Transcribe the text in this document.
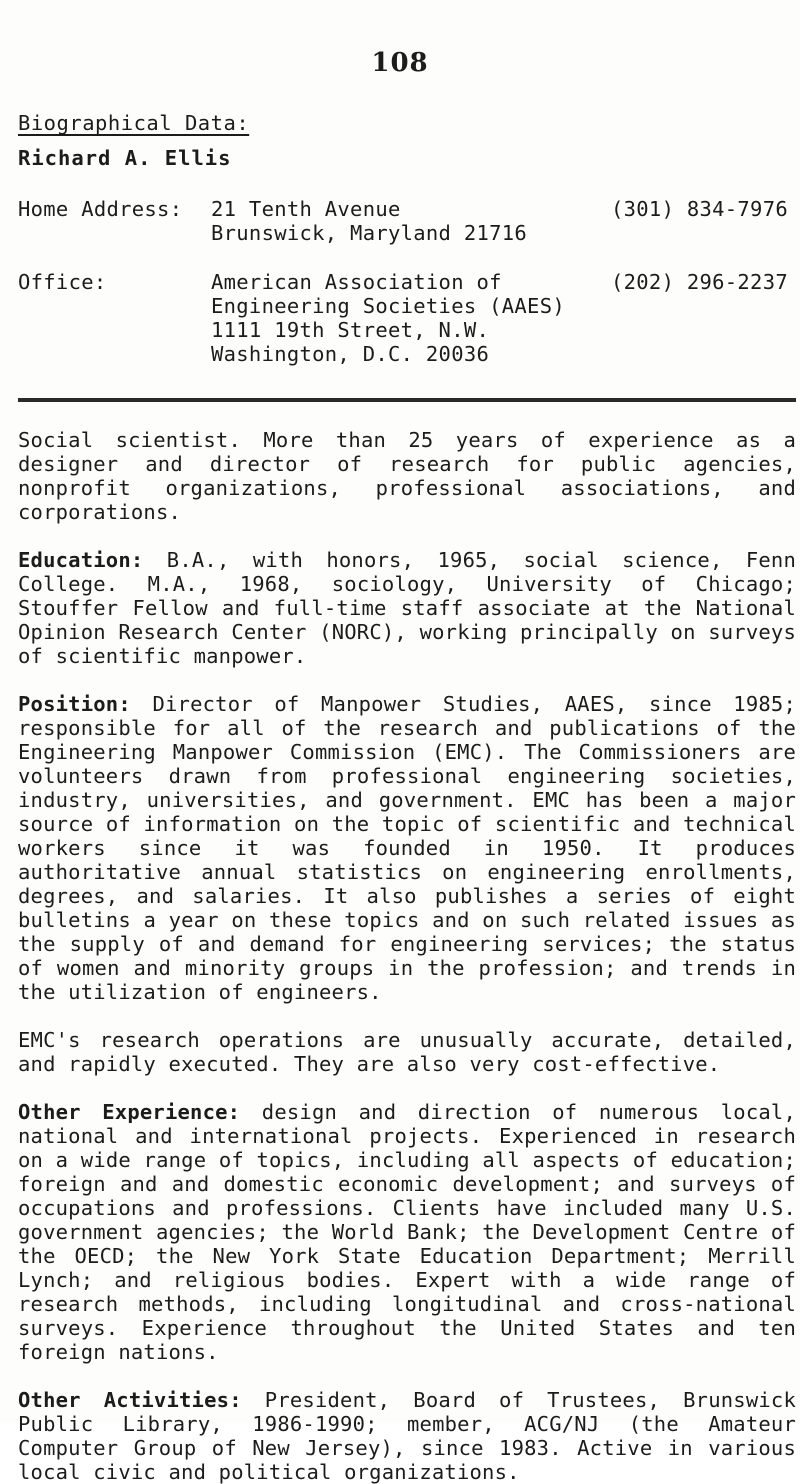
108
Biographical Data:
Richard A. Ellis
Home Address: 21 Tenth Avenue
Brunswick, Maryland 21716
(301) 834-7976
Office:	American Association of
Engineering Societies (AAES)
1111 19th Street, N.W.
Washington, D.C. 20036
(202) 296-2237

Social scientist. More than 25 years of experience as a designer and director of research for public agencies, nonprofit organizations, professional associations, and corporations.

Education: B.A., with honors, 1965, social science, Fenn College. M.A., 1968, sociology, University of Chicago; Stouffer Fellow and full-time staff associate at the National Opinion Research Center (NORC), working principally on surveys of scientific manpower.

Position: Director of Manpower Studies, AAES, since 1985; responsible for all of the research and publications of the Engineering Manpower Commission (EMC). The Commissioners are volunteers drawn from professional engineering societies, industry, universities, and government. EMC has been a major source of information on the topic of scientific and technical workers since it was founded in 1950. It produces authoritative annual statistics on engineering enrollments, degrees, and salaries. It also publishes a series of eight bulletins a year on these topics and on such related issues as the supply of and demand for engineering services; the status of women and minority groups in the profession; and trends in the utilization of engineers.

EMC's research operations are unusually accurate, detailed, and rapidly executed. They are also very cost-effective.

Other Experience: design and direction of numerous local, national and international projects. Experienced in research on a wide range of topics, including all aspects of education; foreign and and domestic economic development; and surveys of occupations and professions. Clients have included many U.S. government agencies; the World Bank; the Development Centre of the OECD; the New York State Education Department; Merrill Lynch; and religious bodies. Expert with a wide range of research methods, including longitudinal and cross-national surveys. Experience throughout the United States and ten foreign nations.

Other Activities: President, Board of Trustees, Brunswick Public Library, 1986-1990; member, ACG/NJ (the Amateur Computer Group of New Jersey), since 1983. Active in various local civic and political organizations.
